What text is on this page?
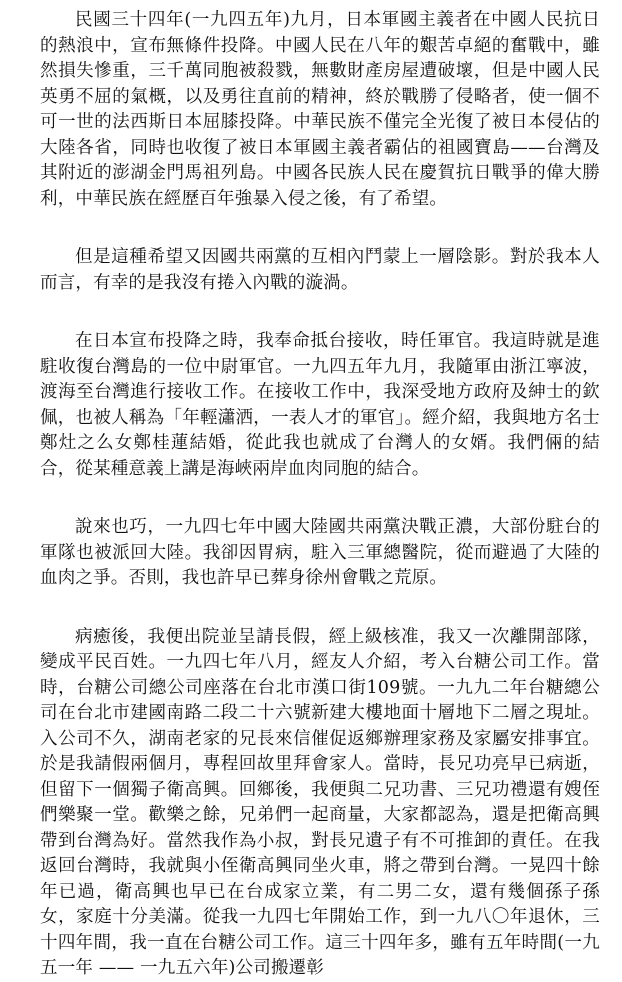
民國三十四年(一九四五年)九月，日本軍國主義者在中國人民抗日的熱浪中，宣布無條件投降。中國人民在八年的艱苦卓絕的奮戰中，雖然損失慘重，三千萬同胞被殺戮，無數財產房屋遭破壞，但是中國人民英勇不屈的氣概，以及勇往直前的精神，終於戰勝了侵略者，使一個不可一世的法西斯日本屈膝投降。中華民族不僅完全光復了被日本侵佔的大陸各省，同時也收復了被日本軍國主義者霸佔的祖國寶島——台灣及其附近的澎湖金門馬祖列島。中國各民族人民在慶賀抗日戰爭的偉大勝利，中華民族在經歷百年強暴入侵之後，有了希望。

但是這種希望又因國共兩黨的互相內鬥蒙上一層陰影。對於我本人而言，有幸的是我沒有捲入內戰的漩渦。

在日本宣布投降之時，我奉命抵台接收，時任軍官。我這時就是進駐收復台灣島的一位中尉軍官。一九四五年九月，我隨軍由浙江寧波，渡海至台灣進行接收工作。在接收工作中，我深受地方政府及紳士的欽佩，也被人稱為「年輕瀟洒，一表人才的軍官」。經介紹，我與地方名士鄭灶之么女鄭桂蓮結婚，從此我也就成了台灣人的女婿。我們倆的結合，從某種意義上講是海峽兩岸血肉同胞的結合。

說來也巧，一九四七年中國大陸國共兩黨決戰正濃，大部份駐台的軍隊也被派回大陸。我卻因胃病，駐入三軍總醫院，從而避過了大陸的血肉之爭。否則，我也許早已葬身徐州會戰之荒原。

病癒後，我便出院並呈請長假，經上級核准，我又一次離開部隊，變成平民百姓。一九四七年八月，經友人介紹，考入台糖公司工作。當時，台糖公司總公司座落在台北市漢口街109號。一九九二年台糖總公司在台北市建國南路二段二十六號新建大樓地面十層地下二層之現址。入公司不久，湖南老家的兄長來信催促返鄉辦理家務及家屬安排事宜。於是我請假兩個月，專程回故里拜會家人。當時，長兄功亮早已病逝，但留下一個獨子衛高興。回鄉後，我便與二兄功書、三兄功禮還有嫂侄們樂聚一堂。歡樂之餘，兄弟們一起商量，大家都認為，還是把衛高興帶到台灣為好。當然我作為小叔，對長兄遺子有不可推卸的責任。在我返回台灣時，我就與小侄衛高興同坐火車，將之帶到台灣。一晃四十餘年已過，衛高興也早已在台成家立業，有二男二女，還有幾個孫子孫女，家庭十分美滿。從我一九四七年開始工作，到一九八〇年退休，三十四年間，我一直在台糖公司工作。這三十四年多，雖有五年時間(一九五一年 —— 一九五六年)公司搬遷彰
